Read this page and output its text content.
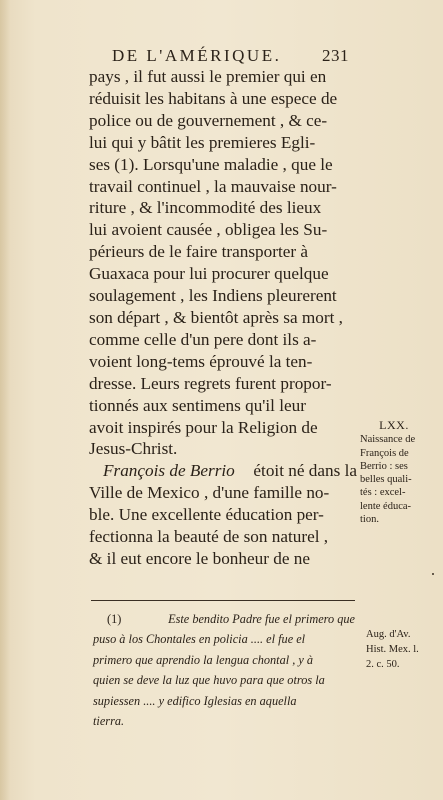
DE L'AMÉRIQUE. 231
pays , il fut aussi le premier qui en
réduisit les habitans à une espece de
police ou de gouvernement , & ce-
lui qui y bâtit les premieres Egli-
ses (1). Lorsqu'une maladie , que le
travail continuel , la mauvaise nour-
riture , & l'incommodité des lieux
lui avoient causée , obligea les Su-
périeurs de le faire transporter à
Guaxaca pour lui procurer quelque
soulagement , les Indiens pleurerent
son départ , & bientôt après sa mort ,
comme celle d'un pere dont ils a-
voient long-tems éprouvé la ten-
dresse. Leurs regrets furent propor-
tionnés aux sentimens qu'il leur
avoit inspirés pour la Religion de
Jesus-Christ.
François de Berrio étoit né dans la
Ville de Mexico , d'une famille no-
ble. Une excellente éducation per-
fectionna la beauté de son naturel ,
& il eut encore le bonheur de ne
LXX.
Naissance de
François de
Berrio : ses
belles quali-
tés : excel-
lente éduca-
tion.
(1)	Este bendito Padre fue el primero que
puso à los Chontales en policia .... el fue el
primero que aprendio la lengua chontal , y à
quien se deve la luz que huvo para que otros la
supiessen .... y edifico Iglesias en aquella
tierra.
Aug. d'Av.
Hist. Mex. l.
2. c. 50.
